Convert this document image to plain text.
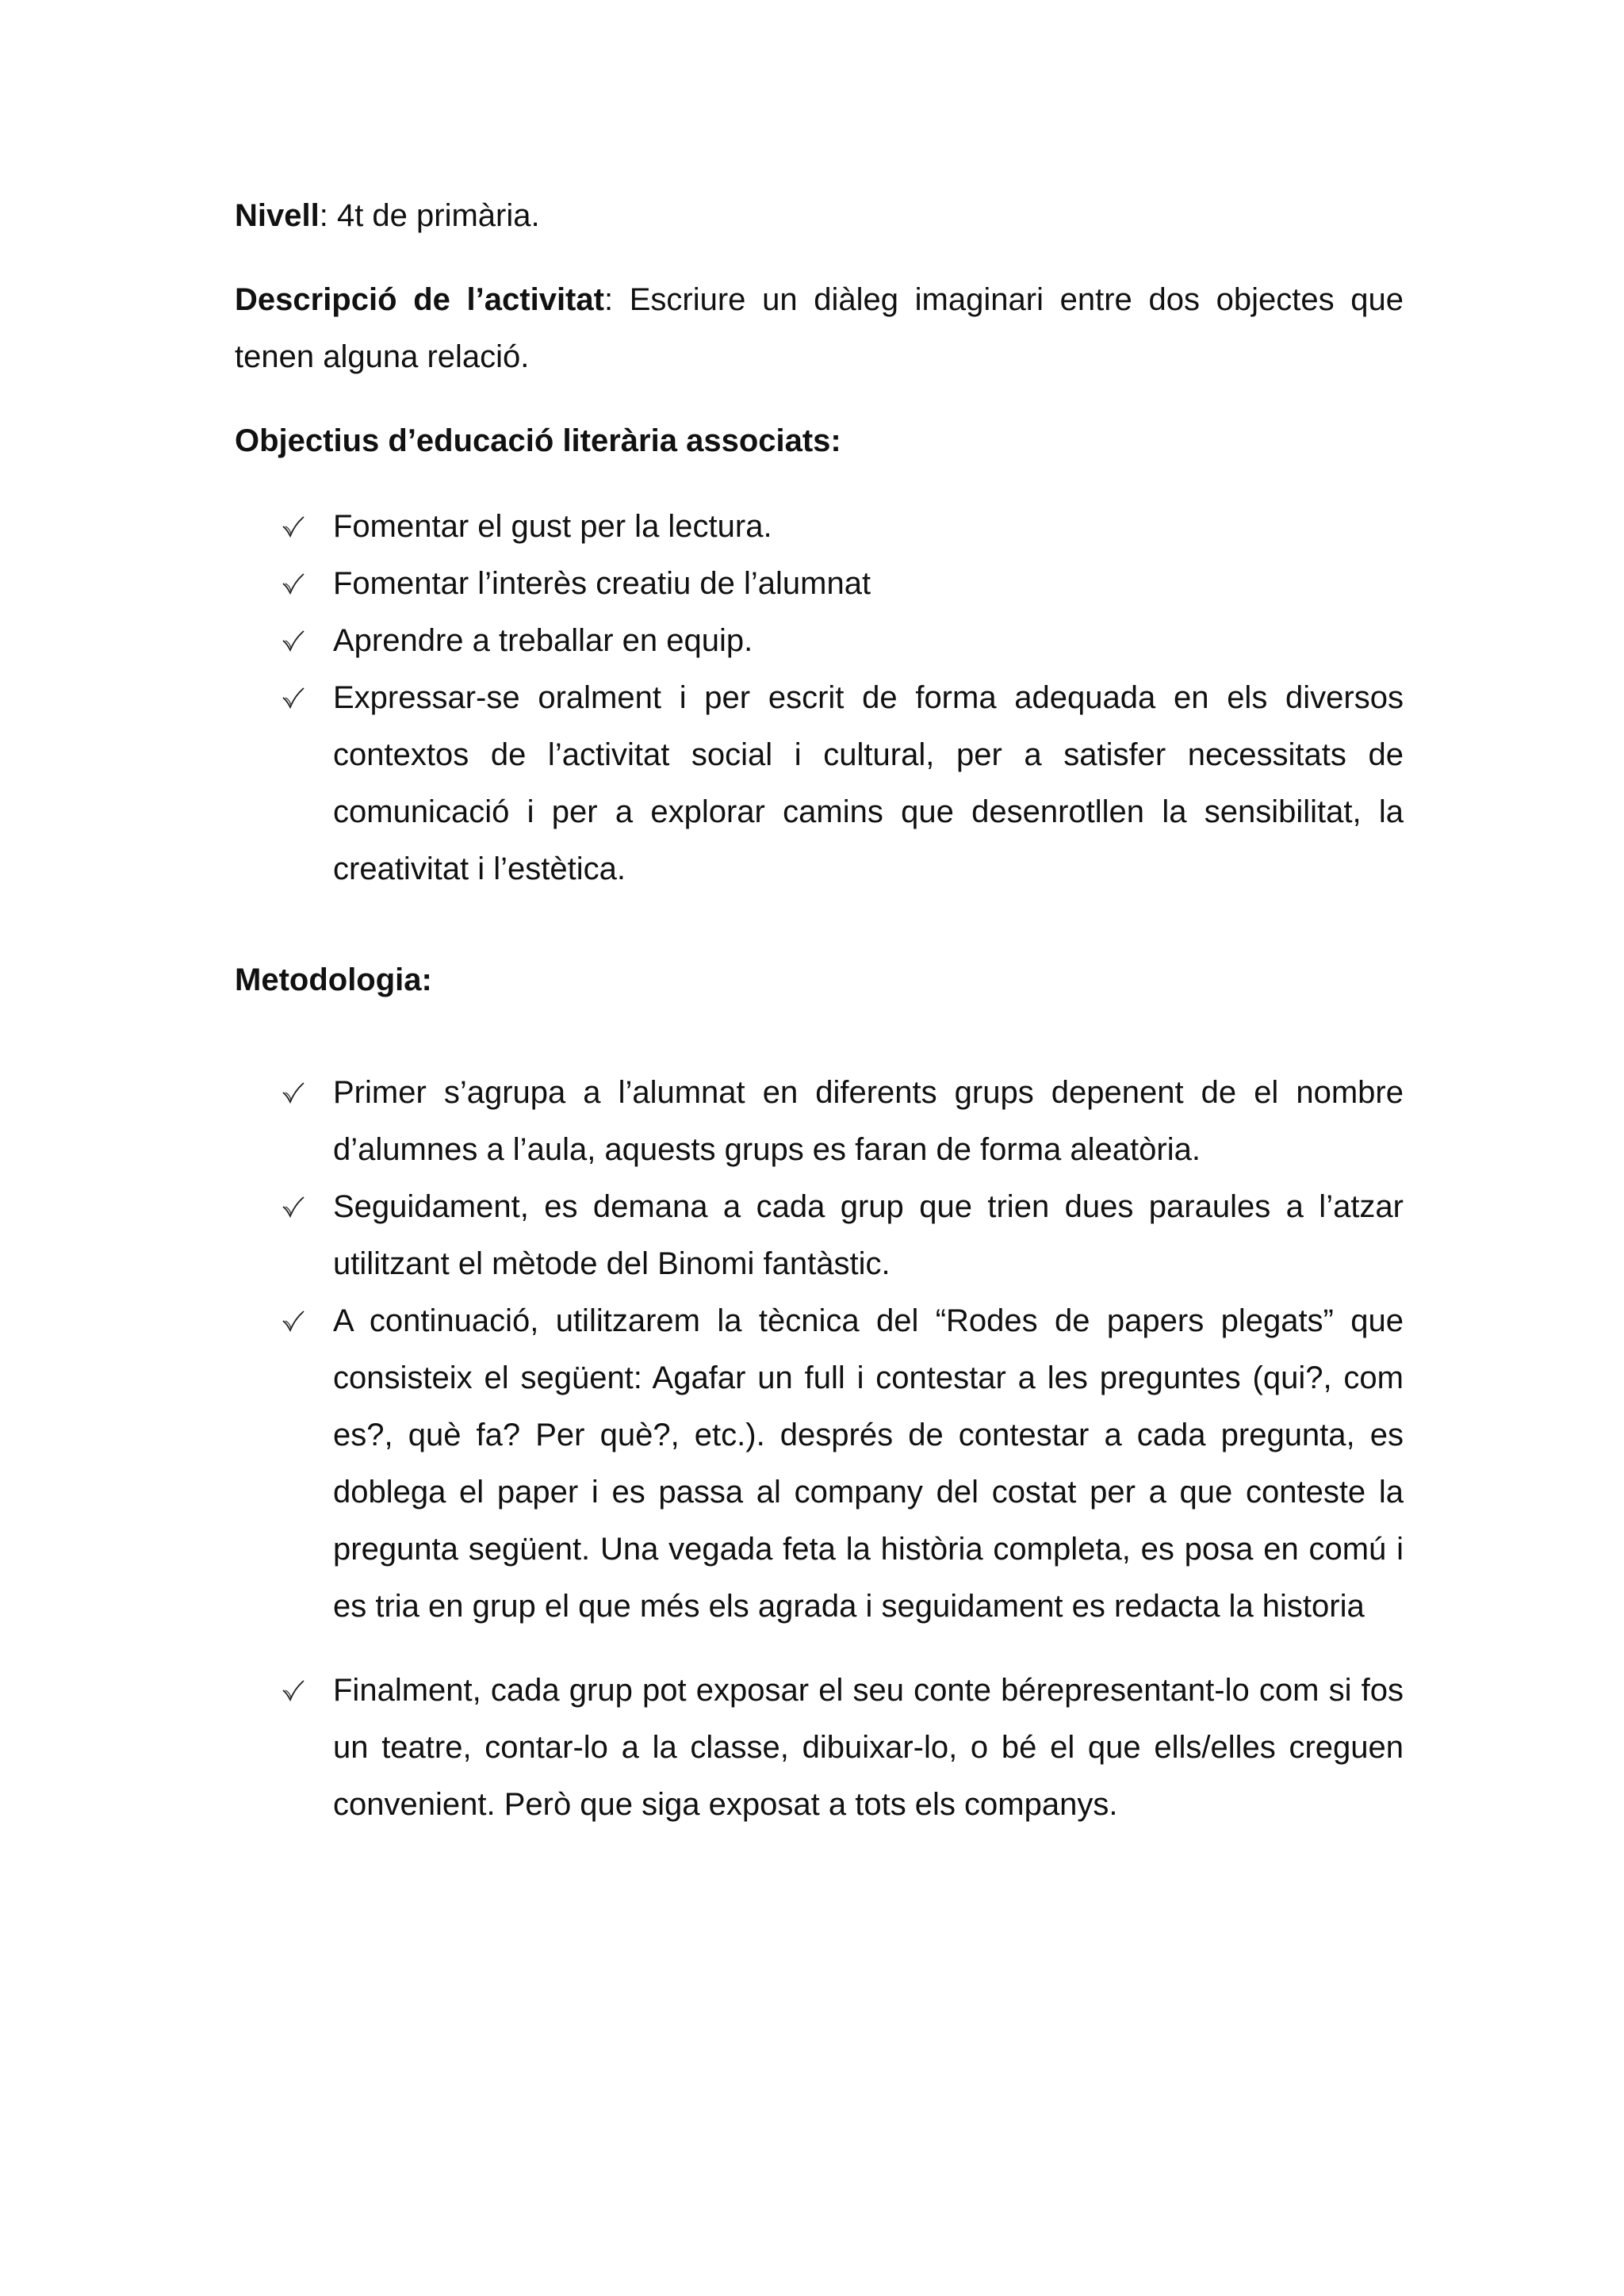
Nivell: 4t de primària.

Descripció de l’activitat: Escriure un diàleg imaginari entre dos objectes que tenen alguna relació.

Objectius d’educació literària associats:

Fomentar el gust per la lectura.
Fomentar l’interès creatiu de l’alumnat
Aprendre a treballar en equip.
Expressar-se oralment i per escrit de forma adequada en els diversos contextos de l’activitat social i cultural, per a satisfer necessitats de comunicació i per a explorar camins que desenrotllen la sensibilitat, la creativitat i l’estètica.

Metodologia:

Primer s’agrupa a l’alumnat en diferents grups depenent de el nombre d’alumnes a l’aula, aquests grups es faran de forma aleatòria.
Seguidament, es demana a cada grup que trien dues paraules a l’atzar utilitzant el mètode del Binomi fantàstic.
A continuació, utilitzarem la tècnica del “Rodes de papers plegats” que consisteix el següent: Agafar un full i contestar a les preguntes (qui?, com es?, què fa? Per què?, etc.). després de contestar a cada pregunta, es doblega el paper i es passa al company del costat per a que conteste la pregunta següent. Una vegada feta la història completa, es posa en comú i es tria en grup el que més els agrada i seguidament es redacta la historia
Finalment, cada grup pot exposar el seu conte bérepresentant-lo com si fos un teatre, contar-lo a la classe, dibuixar-lo, o bé el que ells/elles creguen convenient. Però que siga exposat a tots els companys.
